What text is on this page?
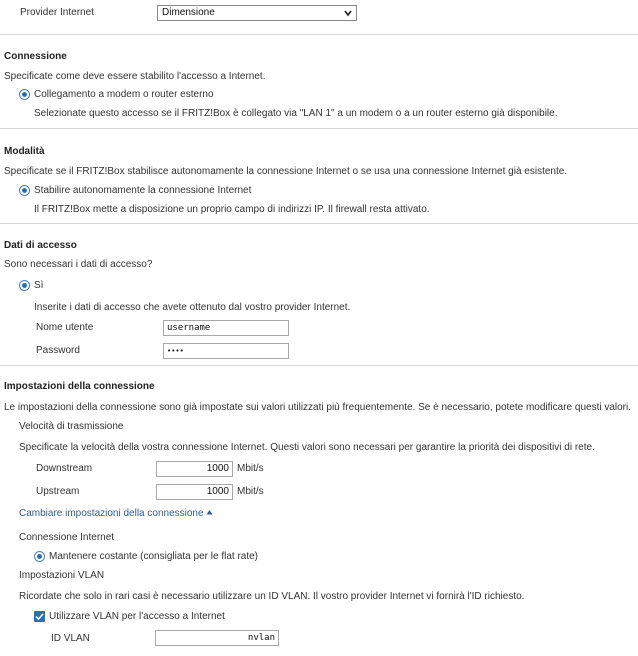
Provider Internet	Dimensione
Connessione
Specificate come deve essere stabilito l'accesso a Internet.
Collegamento a modem o router esterno
Selezionate questo accesso se il FRITZ!Box è collegato via "LAN 1" a un modem o a un router esterno già disponibile.
Modalità
Specificate se il FRITZ!Box stabilisce autonomamente la connessione Internet o se usa una connessione Internet già esistente.
Stabilire autonomamente la connessione Internet
Il FRITZ!Box mette a disposizione un proprio campo di indirizzi IP. Il firewall resta attivato.
Dati di accesso
Sono necessari i dati di accesso?
Sì
Inserite i dati di accesso che avete ottenuto dal vostro provider Internet.
Nome utente	username
Password	••••
Impostazioni della connessione
Le impostazioni della connessione sono già impostate sui valori utilizzati più frequentemente. Se è necessario, potete modificare questi valori.
Velocità di trasmissione
Specificate la velocità della vostra connessione Internet. Questi valori sono necessari per garantire la priorità dei dispositivi di rete.
Downstream	1000 Mbit/s
Upstream	1000 Mbit/s
Cambiare impostazioni della connessione
Connessione Internet
Mantenere costante (consigliata per le flat rate)
Impostazioni VLAN
Ricordate che solo in rari casi è necessario utilizzare un ID VLAN. Il vostro provider Internet vi fornirà l'ID richiesto.
Utilizzare VLAN per l'accesso a Internet
ID VLAN	nvlan
